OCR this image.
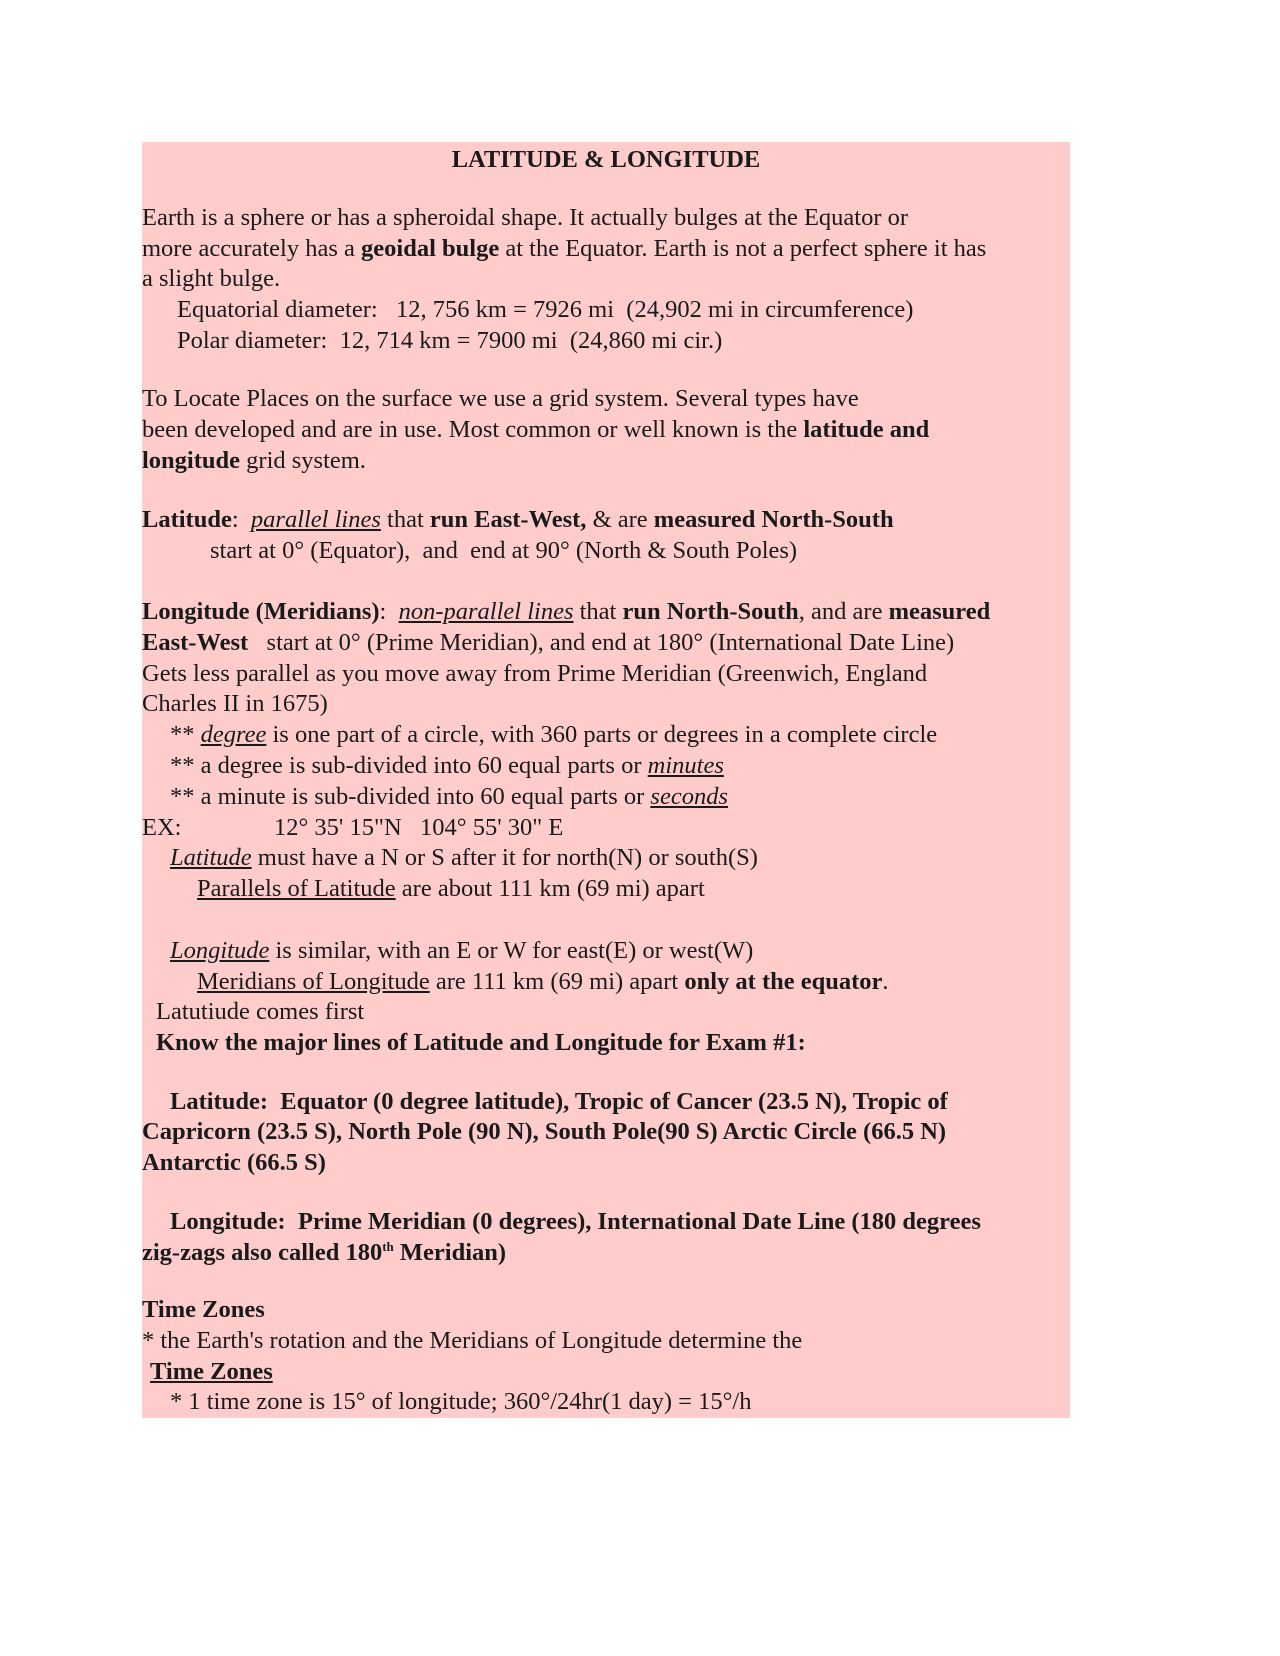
LATITUDE & LONGITUDE
Earth is a sphere or has a spheroidal shape. It actually bulges at the Equator or
more accurately has a geoidal bulge at the Equator. Earth is not a perfect sphere it has
a slight bulge.
Equatorial diameter:   12, 756 km = 7926 mi  (24,902 mi in circumference)
Polar diameter:  12, 714 km = 7900 mi  (24,860 mi cir.)
To Locate Places on the surface we use a grid system. Several types have
been developed and are in use. Most common or well known is the latitude and
longitude grid system.
Latitude:  parallel lines that run East-West, & are measured North-South
start at 0° (Equator),  and  end at 90° (North & South Poles)
Longitude (Meridians):  non-parallel lines that run North-South, and are measured
East-West   start at 0° (Prime Meridian), and end at 180° (International Date Line)
Gets less parallel as you move away from Prime Meridian (Greenwich, England
Charles II in 1675)
** degree is one part of a circle, with 360 parts or degrees in a complete circle
** a degree is sub-divided into 60 equal parts or minutes
** a minute is sub-divided into 60 equal parts or seconds
EX:	12° 35' 15"N   104° 55' 30" E
Latitude must have a N or S after it for north(N) or south(S)
Parallels of Latitude are about 111 km (69 mi) apart
Longitude is similar, with an E or W for east(E) or west(W)
Meridians of Longitude are 111 km (69 mi) apart only at the equator.
Latutiude comes first
Know the major lines of Latitude and Longitude for Exam #1:
Latitude:  Equator (0 degree latitude), Tropic of Cancer (23.5 N), Tropic of
Capricorn (23.5 S), North Pole (90 N), South Pole(90 S) Arctic Circle (66.5 N)
Antarctic (66.5 S)
Longitude:  Prime Meridian (0 degrees), International Date Line (180 degrees
zig-zags also called 180th Meridian)
Time Zones
* the Earth's rotation and the Meridians of Longitude determine the
Time Zones
* 1 time zone is 15° of longitude; 360°/24hr(1 day) = 15°/h
